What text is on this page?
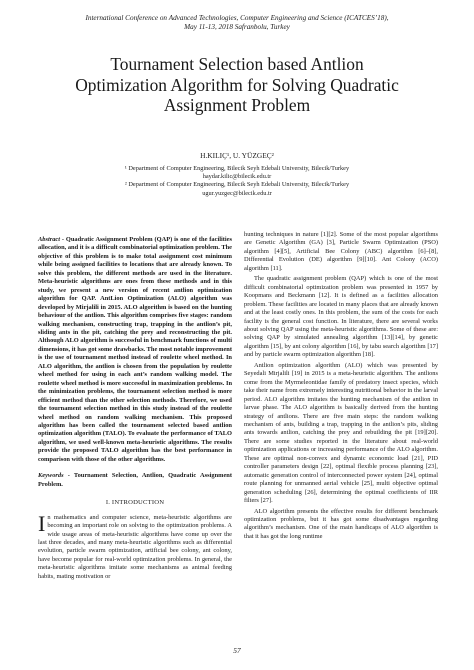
International Conference on Advanced Technologies, Computer Engineering and Science (ICATCES’18),
May 11-13, 2018 Safranbolu, Turkey
Tournament Selection based Antlion
Optimization Algorithm for Solving Quadratic
Assignment Problem
H.KILIÇ¹, U. YÜZGEÇ²
¹ Department of Computer Engineering, Bilecik Seyh Edebali University, Bilecik/Turkey
haydar.kilic@bilecik.edu.tr
² Department of Computer Engineering, Bilecik Seyh Edebali University, Bilecik/Turkey
ugur.yuzgec@bilecik.edu.tr

Abstract - Quadratic Assignment Problem (QAP) is one of the facilities allocation, and it is a difficult combinatorial optimization problem. The objective of this problem is to make total assignment cost minimum while being assigned facilities to locations that are already known. To solve this problem, the different methods are used in the literature. Meta-heuristic algorithms are ones from these methods and in this study, we present a new version of recent antlion optimization algorithm for QAP. AntLion Optimization (ALO) algorithm was developed by Mirjalili in 2015. ALO algorithm is based on the hunting behaviour of the antlion. This algorithm comprises five stages: random walking mechanism, constructing trap, trapping in the antlion’s pit, sliding ants in the pit, catching the prey and reconstructing the pit. Although ALO algorithm is successful in benchmark functions of multi dimensions, it has got some drawbacks. The most notable improvement is the use of tournament method instead of roulette wheel method. In ALO algorithm, the antlion is chosen from the population by roulette wheel method for using in each ant’s random walking model. The roulette wheel method is more successful in maximization problems. In the minimization problems, the tournament selection method is more efficient method than the other selection methods. Therefore, we used the tournament selection method in this study instead of the roulette wheel method on random walking mechanism. This proposed algorithm has been called the tournament selected based antlion optimization algorithm (TALO). To evaluate the performance of TALO algorithm, we used well-known meta-heuristic algorithms. The results provide the proposed TALO algorithm has the best performance in comparison with those of the other algorithms.

Keywords - Tournament Selection, Antlion, Quadratic Assignment Problem.

I. INTRODUCTION

In mathematics and computer science, meta-heuristic algorithms are becoming an important role on solving to the optimization problems. A wide usage areas of meta-heuristic algorithms have come up over the last three decades, and many meta-heuristic algorithms such as differential evolution, particle swarm optimization, artificial bee colony, ant colony, have become popular for real-world optimization problems. In general, the meta-heuristic algorithms imitate some mechanisms as animal feeding habits, mating motivation or

hunting techniques in nature [1][2]. Some of the most popular algorithms are Genetic Algorithm (GA) [3], Particle Swarm Optimization (PSO) algorithm [4][5], Artificial Bee Colony (ABC) algorithm [6]–[8], Differential Evolution (DE) algorithm [9][10]. Ant Colony (ACO) algorithm [11].

The quadratic assignment problem (QAP) which is one of the most difficult combinatorial optimization problem was presented in 1957 by Koopmans and Beckmann [12]. It is defined as a facilities allocation problem. These facilities are located in many places that are already known and at the least costly ones. In this problem, the sum of the costs for each facility is the general cost function. In literature, there are several works about solving QAP using the meta-heuristic algorithms. Some of these are: solving QAP by simulated annealing algorithm [13][14], by genetic algorithm [15], by ant colony algorithm [16], by tabu search algorithm [17] and by particle swarm optimization algorithm [18].

Antlion optimization algorithm (ALO) which was presented by Seyedali Mirjalili [19] in 2015 is a meta-heuristic algorithm. The antlions come from the Myrmeleontidae family of predatory insect species, which take their name from extremely interesting nutritional behavior in the larval period. ALO algorithm imitates the hunting mechanism of the antlion in larvae phase. The ALO algorithm is basically derived from the hunting strategy of antlions. There are five main steps: the random walking mechanism of ants, building a trap, trapping in the antlion’s pits, sliding ants towards antlion, catching the prey and rebuilding the pit [19][20]. There are some studies reported in the literature about real-world optimization applications or increasing performance of the ALO algorithm. These are optimal non-convex and dynamic economic load [21], PID controller parameters design [22], optimal flexible process planning [23], automatic generation control of interconnected power system [24], optimal route planning for unmanned aerial vehicle [25], multi objective optimal generation scheduling [26], determining the optimal coefficients of IIR filters [27].

ALO algorithm presents the effective results for different benchmark optimization problems, but it has got some disadvantages regarding algorithm’s mechanism. One of the main handicaps of ALO algorithm is that it has got the long runtime

57
